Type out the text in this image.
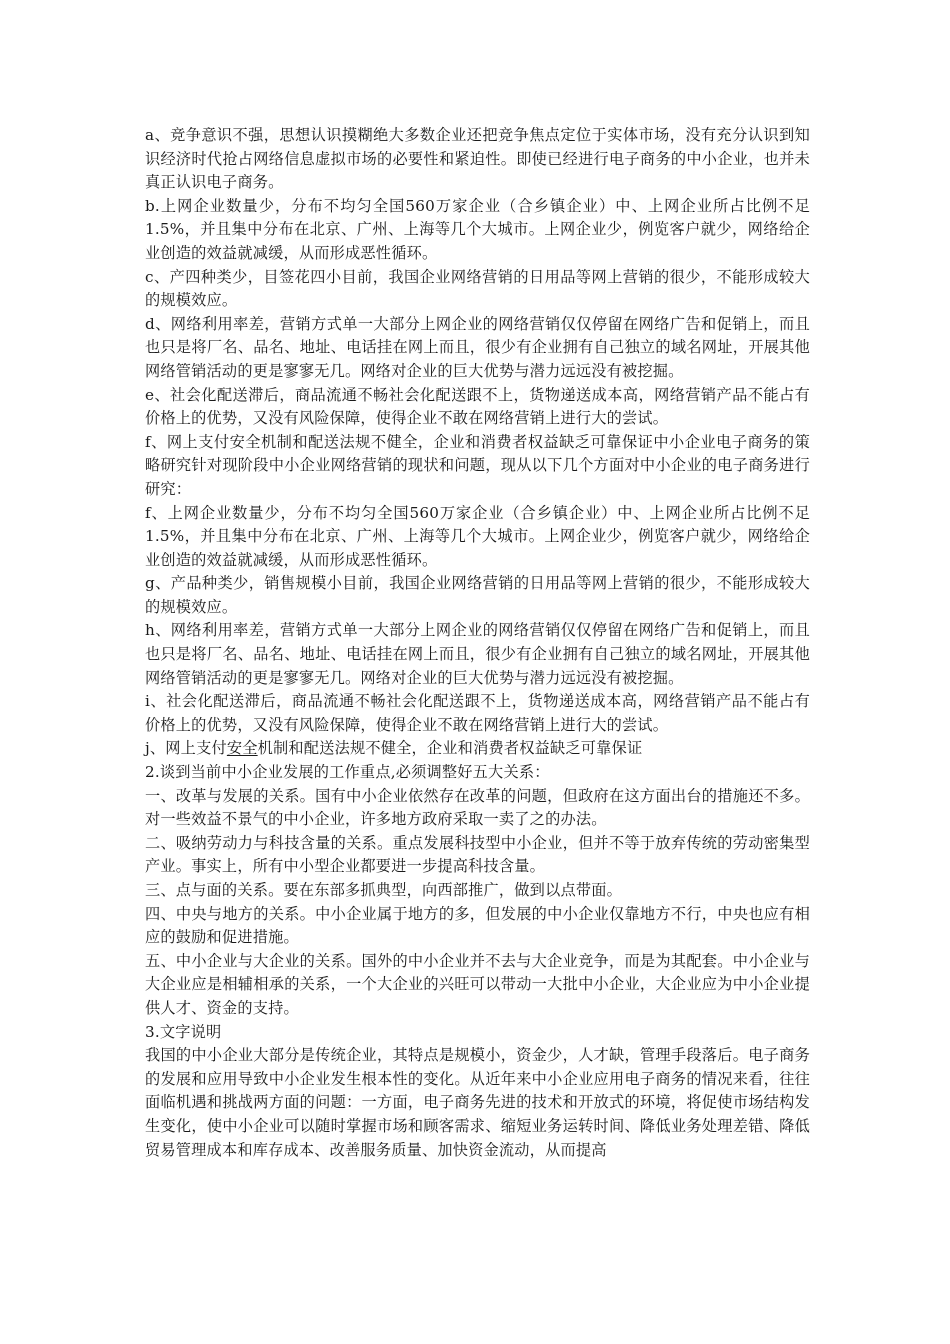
a、竞争意识不强，思想认识摸糊绝大多数企业还把竞争焦点定位于实体市场，没有充分认识到知识经济时代抢占网络信息虚拟市场的必要性和紧迫性。即使已经进行电子商务的中小企业，也并未真正认识电子商务。

b.上网企业数量少，分布不均匀全国560万家企业（合乡镇企业）中、上网企业所占比例不足1.5%，并且集中分布在北京、广州、上海等几个大城市。上网企业少，例览客户就少，网络给企业创造的效益就减缓，从而形成恶性循环。

c、产四种类少，目签花四小目前，我国企业网络营销的日用品等网上营销的很少，不能形成较大的规模效应。

d、网络利用率差，营销方式单一大部分上网企业的网络营销仅仅停留在网络广告和促销上，而且也只是将厂名、品名、地址、电话挂在网上而且，很少有企业拥有自己独立的域名网址，开展其他网络管销活动的更是寥寥无几。网络对企业的巨大优势与潜力远远没有被挖掘。

e、社会化配送滞后，商品流通不畅社会化配送跟不上，货物递送成本高，网络营销产品不能占有价格上的优势，又没有风险保障，使得企业不敢在网络营销上进行大的尝试。

f、网上支付安全机制和配送法规不健全，企业和消费者权益缺乏可靠保证中小企业电子商务的策略研究针对现阶段中小企业网络营销的现状和问题，现从以下几个方面对中小企业的电子商务进行研究：

f、上网企业数量少，分布不均匀全国560万家企业（合乡镇企业）中、上网企业所占比例不足1.5%，并且集中分布在北京、广州、上海等几个大城市。上网企业少，例览客户就少，网络给企业创造的效益就减缓，从而形成恶性循环。

g、产品种类少，销售规模小目前，我国企业网络营销的日用品等网上营销的很少，不能形成较大的规模效应。

h、网络利用率差，营销方式单一大部分上网企业的网络营销仅仅停留在网络广告和促销上，而且也只是将厂名、品名、地址、电话挂在网上而且，很少有企业拥有自己独立的域名网址，开展其他网络管销活动的更是寥寥无几。网络对企业的巨大优势与潜力远远没有被挖掘。

i、社会化配送滞后，商品流通不畅社会化配送跟不上，货物递送成本高，网络营销产品不能占有价格上的优势，又没有风险保障，使得企业不敢在网络营销上进行大的尝试。

j、网上支付安全机制和配送法规不健全，企业和消费者权益缺乏可靠保证

2.谈到当前中小企业发展的工作重点,必须调整好五大关系：

一、改革与发展的关系。国有中小企业依然存在改革的问题，但政府在这方面出台的措施还不多。对一些效益不景气的中小企业，许多地方政府采取一卖了之的办法。

二、吸纳劳动力与科技含量的关系。重点发展科技型中小企业，但并不等于放弃传统的劳动密集型产业。事实上，所有中小型企业都要进一步提高科技含量。

三、点与面的关系。要在东部多抓典型，向西部推广，做到以点带面。

四、中央与地方的关系。中小企业属于地方的多，但发展的中小企业仅靠地方不行，中央也应有相应的鼓励和促进措施。

五、中小企业与大企业的关系。国外的中小企业并不去与大企业竞争，而是为其配套。中小企业与大企业应是相辅相承的关系，一个大企业的兴旺可以带动一大批中小企业，大企业应为中小企业提供人才、资金的支持。

3.文字说明

我国的中小企业大部分是传统企业，其特点是规模小，资金少，人才缺，管理手段落后。电子商务的发展和应用导致中小企业发生根本性的变化。从近年来中小企业应用电子商务的情况来看，往往面临机遇和挑战两方面的问题：一方面，电子商务先进的技术和开放式的环境，将促使市场结构发生变化，使中小企业可以随时掌握市场和顾客需求、缩短业务运转时间、降低业务处理差错、降低贸易管理成本和库存成本、改善服务质量、加快资金流动，从而提高
